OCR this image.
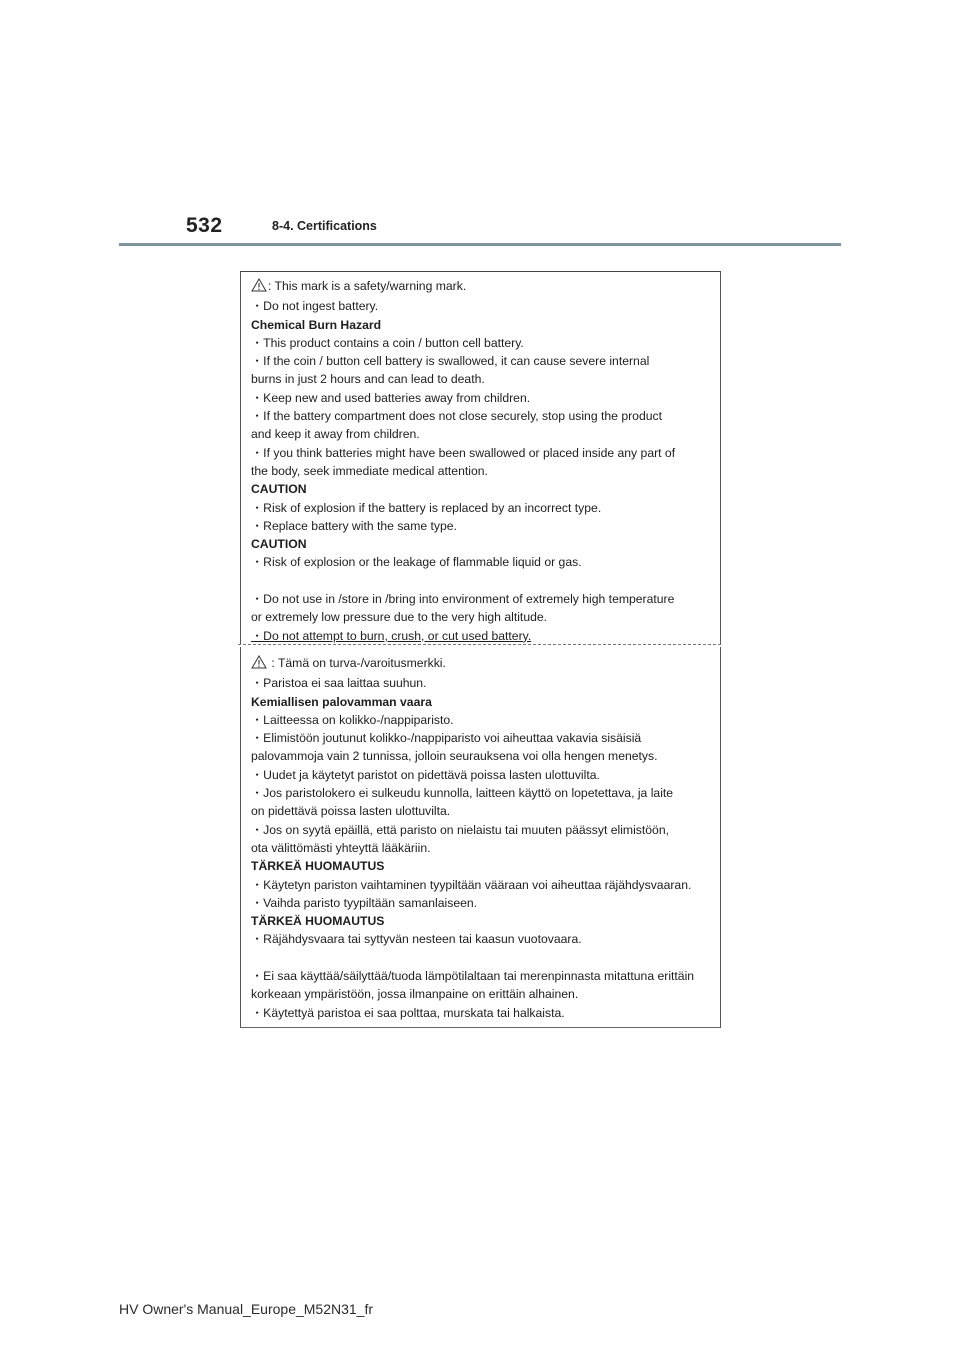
532	8-4. Certifications

: This mark is a safety/warning mark.

・Do not ingest battery.

Chemical Burn Hazard

・This product contains a coin / button cell battery.

・If the coin / button cell battery is swallowed, it can cause severe internal

burns in just 2 hours and can lead to death.

・Keep new and used batteries away from children.

・If the battery compartment does not close securely, stop using the product

and keep it away from children.

・If you think batteries might have been swallowed or placed inside any part of

the body, seek immediate medical attention.

CAUTION

・Risk of explosion if the battery is replaced by an incorrect type.

・Replace battery with the same type.

CAUTION

・Risk of explosion or the leakage of flammable liquid or gas.

・Do not use in /store in /bring into environment of extremely high temperature

or extremely low pressure due to the very high altitude.

・Do not attempt to burn, crush, or cut used battery.

: Tämä on turva-/varoitusmerkki.

・Paristoa ei saa laittaa suuhun.

Kemiallisen palovamman vaara

・Laitteessa on kolikko-/nappiparisto.

・Elimistöön joutunut kolikko-/nappiparisto voi aiheuttaa vakavia sisäisiä

palovammoja vain 2 tunnissa, jolloin seurauksena voi olla hengen menetys.

・Uudet ja käytetyt paristot on pidettävä poissa lasten ulottuvilta.

・Jos paristolokero ei sulkeudu kunnolla, laitteen käyttö on lopetettava, ja laite

on pidettävä poissa lasten ulottuvilta.

・Jos on syytä epäillä, että paristo on nielaistu tai muuten päässyt elimistöön,

ota välittömästi yhteyttä lääkäriin.

TÄRKEÄ HUOMAUTUS

・Käytetyn pariston vaihtaminen tyypiltään vääraan voi aiheuttaa räjähdysvaaran.

・Vaihda paristo tyypiltään samanlaiseen.

TÄRKEÄ HUOMAUTUS

・Räjähdysvaara tai syttyvän nesteen tai kaasun vuotovaara.

・Ei saa käyttää/säilyttää/tuoda lämpötilaltaan tai merenpinnasta mitattuna erittäin

korkeaan ympäristöön, jossa ilmanpaine on erittäin alhainen.

・Käytettyä paristoa ei saa polttaa, murskata tai halkaista.

HV Owner's Manual_Europe_M52N31_fr
